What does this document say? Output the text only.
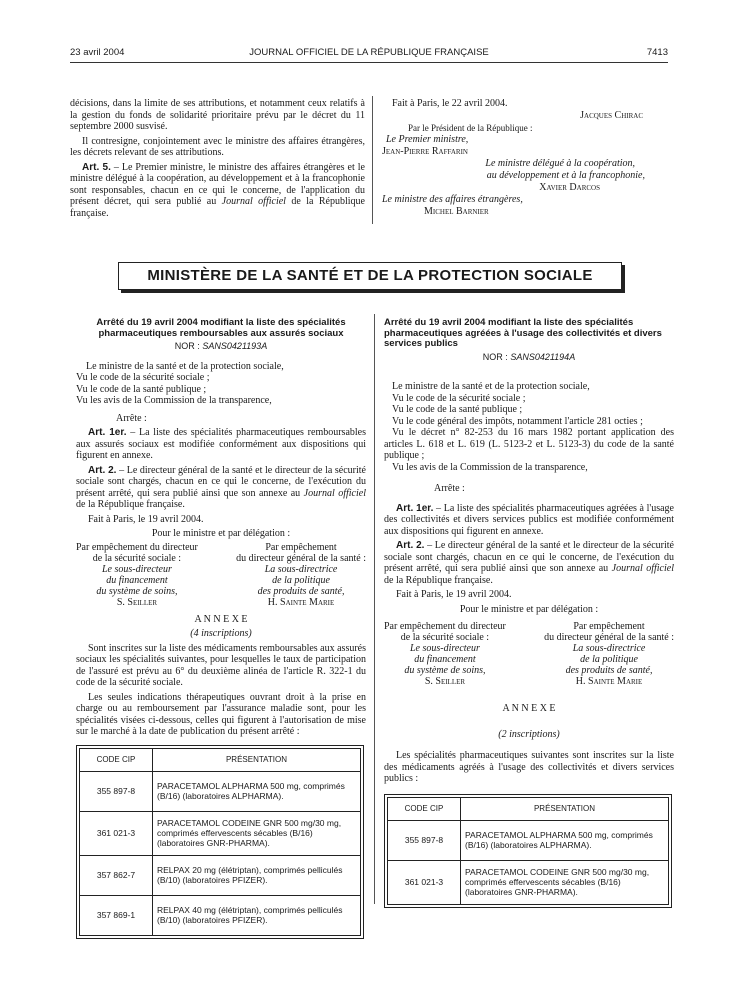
23 avril 2004	JOURNAL OFFICIEL DE LA RÉPUBLIQUE FRANÇAISE	7413

décisions, dans la limite de ses attributions, et notamment ceux relatifs à la gestion du fonds de solidarité prioritaire prévu par le décret du 11 septembre 2000 susvisé.

Il contresigne, conjointement avec le ministre des affaires étrangères, les décrets relevant de ses attributions.

Art. 5. – Le Premier ministre, le ministre des affaires étrangères et le ministre délégué à la coopération, au développement et à la francophonie sont responsables, chacun en ce qui le concerne, de l'application du présent décret, qui sera publié au Journal officiel de la République française.

Fait à Paris, le 22 avril 2004.
Jacques Chirac
Par le Président de la République :
Le Premier ministre,
Jean-Pierre Raffarin
Le ministre délégué à la coopération,
au développement et à la francophonie,
Xavier Darcos
Le ministre des affaires étrangères,
Michel Barnier
MINISTÈRE DE LA SANTÉ ET DE LA PROTECTION SOCIALE
Arrêté du 19 avril 2004 modifiant la liste des spécialités pharmaceutiques remboursables aux assurés sociaux
NOR : SANS0421193A
Le ministre de la santé et de la protection sociale,
Vu le code de la sécurité sociale ;
Vu le code de la santé publique ;
Vu les avis de la Commission de la transparence,

Arrête :

Art. 1er. – La liste des spécialités pharmaceutiques remboursables aux assurés sociaux est modifiée conformément aux dispositions qui figurent en annexe.

Art. 2. – Le directeur général de la santé et le directeur de la sécurité sociale sont chargés, chacun en ce qui le concerne, de l'exécution du présent arrêté, qui sera publié ainsi que son annexe au Journal officiel de la République française.

Fait à Paris, le 19 avril 2004.

Pour le ministre et par délégation :

Par empêchement du directeur
de la sécurité sociale :
Le sous-directeur
du financement
du système de soins,
S. Seiller
Par empêchement
du directeur général de la santé :
La sous-directrice
de la politique
des produits de santé,
H. Sainte Marie

A N N E X E

(4 inscriptions)

Sont inscrites sur la liste des médicaments remboursables aux assurés sociaux les spécialités suivantes, pour lesquelles le taux de participation de l'assuré est prévu au 6° du deuxième alinéa de l'article R. 322-1 du code de la sécurité sociale.

Les seules indications thérapeutiques ouvrant droit à la prise en charge ou au remboursement par l'assurance maladie sont, pour les spécialités visées ci-dessous, celles qui figurent à l'autorisation de mise sur le marché à la date de publication du présent arrêté :

CODE CIP	PRÉSENTATION
355 897-8	PARACETAMOL ALPHARMA 500 mg, comprimés (B/16) (laboratoires ALPHARMA).
361 021-3	PARACETAMOL CODEINE GNR 500 mg/30 mg, comprimés effervescents sécables (B/16) (laboratoires GNR-PHARMA).
357 862-7	RELPAX 20 mg (élétriptan), comprimés pelliculés (B/10) (laboratoires PFIZER).
357 869-1	RELPAX 40 mg (élétriptan), comprimés pelliculés (B/10) (laboratoires PFIZER).
Arrêté du 19 avril 2004 modifiant la liste des spécialités pharmaceutiques agréées à l'usage des collectivités et divers services publics
NOR : SANS0421194A
Le ministre de la santé et de la protection sociale,
Vu le code de la sécurité sociale ;
Vu le code de la santé publique ;
Vu le code général des impôts, notamment l'article 281 octies ;
Vu le décret n° 82-253 du 16 mars 1982 portant application des articles L. 618 et L. 619 (L. 5123-2 et L. 5123-3) du code de la santé publique ;
Vu les avis de la Commission de la transparence,

Arrête :

Art. 1er. – La liste des spécialités pharmaceutiques agréées à l'usage des collectivités et divers services publics est modifiée conformément aux dispositions qui figurent en annexe.

Art. 2. – Le directeur général de la santé et le directeur de la sécurité sociale sont chargés, chacun en ce qui le concerne, de l'exécution du présent arrêté, qui sera publié ainsi que son annexe au Journal officiel de la République française.

Fait à Paris, le 19 avril 2004.

Pour le ministre et par délégation :

Par empêchement du directeur
de la sécurité sociale :
Le sous-directeur
du financement
du système de soins,
S. Seiller
Par empêchement
du directeur général de la santé :
La sous-directrice
de la politique
des produits de santé,
H. Sainte Marie

A N N E X E

(2 inscriptions)

Les spécialités pharmaceutiques suivantes sont inscrites sur la liste des médicaments agréés à l'usage des collectivités et divers services publics :

CODE CIP	PRÉSENTATION
355 897-8	PARACETAMOL ALPHARMA 500 mg, comprimés (B/16) (laboratoires ALPHARMA).
361 021-3	PARACETAMOL CODEINE GNR 500 mg/30 mg, comprimés effervescents sécables (B/16) (laboratoires GNR-PHARMA).
